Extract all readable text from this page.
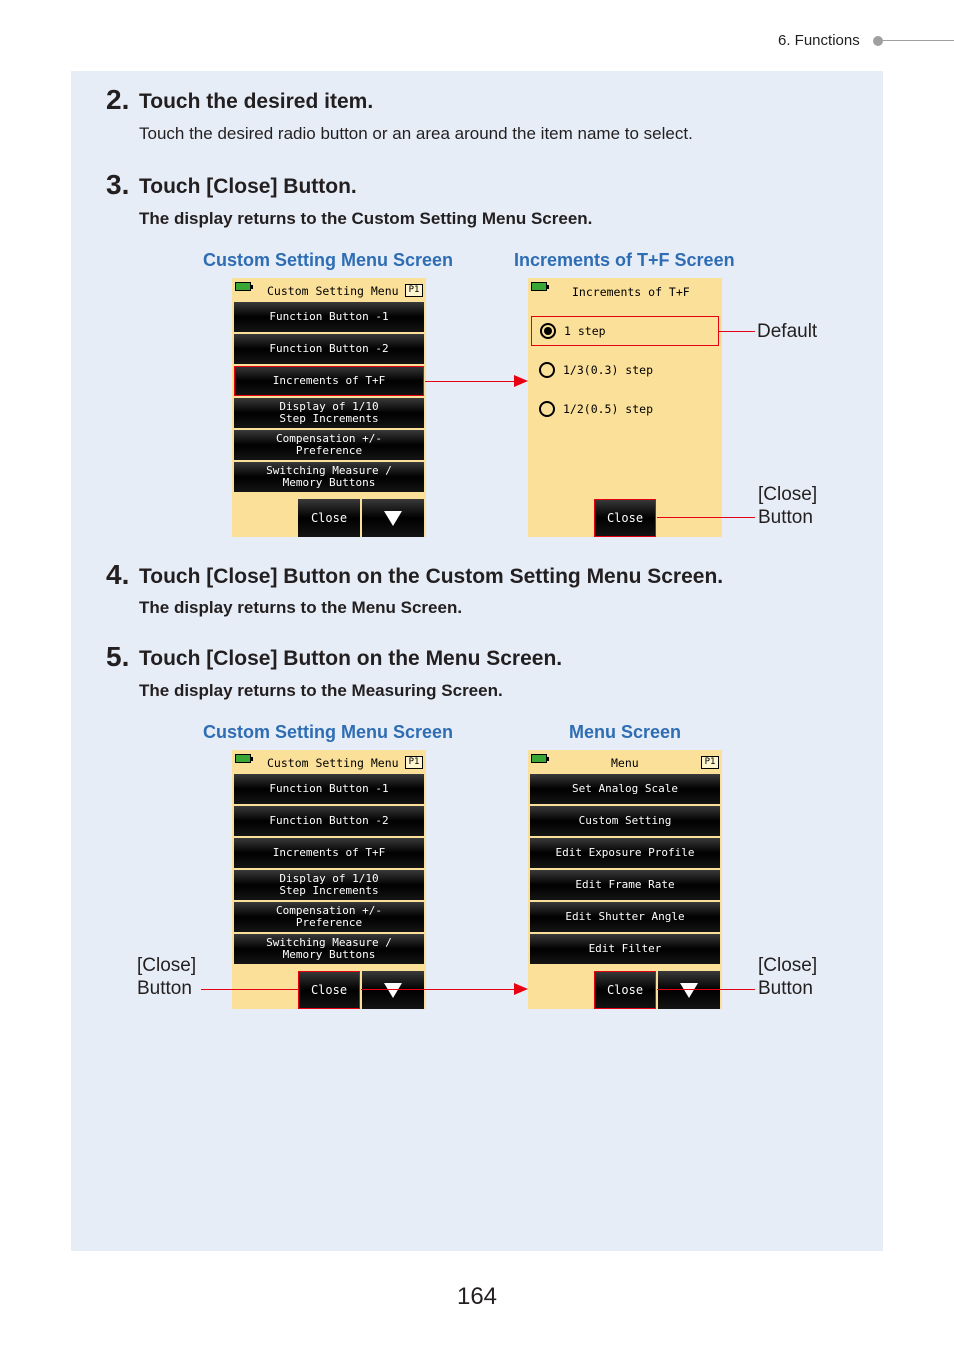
6. Functions
2. Touch the desired item.
Touch the desired radio button or an area around the item name to select.
3. Touch [Close] Button.
The display returns to the Custom Setting Menu Screen.
Custom Setting Menu Screen	Increments of T+F Screen
Custom Setting Menu	P1
Function Button -1
Function Button -2
Increments of T+F
Display of 1/10
Step Increments
Compensation +/-
Preference
Switching Measure /
Memory Buttons
Close
Increments of T+F
1 step
1/3(0.3) step
1/2(0.5) step
Close
Default
[Close]
Button
4. Touch [Close] Button on the Custom Setting Menu Screen.
The display returns to the Menu Screen.
5. Touch [Close] Button on the Menu Screen.
The display returns to the Measuring Screen.
Custom Setting Menu Screen	Menu Screen
Custom Setting Menu	P1
Function Button -1
Function Button -2
Increments of T+F
Display of 1/10
Step Increments
Compensation +/-
Preference
Switching Measure /
Memory Buttons
Close
[Close]
Button
Menu	P1
Set Analog Scale
Custom Setting
Edit Exposure Profile
Edit Frame Rate
Edit Shutter Angle
Edit Filter
Close
[Close]
Button
164
